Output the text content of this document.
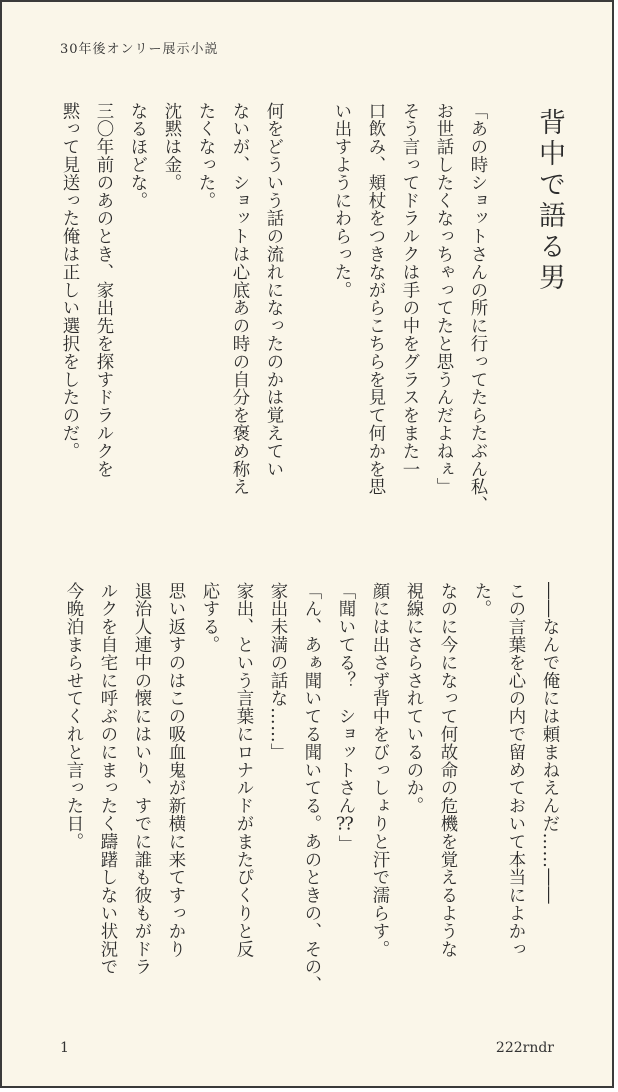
30年後オンリー展示小説
背中で語る男
「あの時ショットさんの所に行ってたらたぶん私、
お世話したくなっちゃってたと思うんだよねぇ」
そう言ってドラルクは手の中をグラスをまた一
口飲み、頬杖をつきながらこちらを見て何かを思
い出すようにわらった。
何をどういう話の流れになったのかは覚えてい
ないが、ショットは心底あの時の自分を褒め称え
たくなった。
沈黙は金。
なるほどな。
三〇年前のあのとき、家出先を探すドラルクを
黙って見送った俺は正しい選択をしたのだ。
――なんで俺には頼まねえんだ……――
この言葉を心の内で留めておいて本当によかっ
た。
なのに今になって何故命の危機を覚えるような
視線にさらされているのか。
顔には出さず背中をびっしょりと汗で濡らす。
「聞いてる？　ショットさん⁇」
「ん、あぁ聞いてる聞いてる。あのときの、その、
家出未満の話な……」
家出、という言葉にロナルドがまたぴくりと反
応する。
思い返すのはこの吸血鬼が新横に来てすっかり
退治人連中の懐にはいり、すでに誰も彼もがドラ
ルクを自宅に呼ぶのにまったく躊躇しない状況で
今晩泊まらせてくれと言った日。
1	222rndr
